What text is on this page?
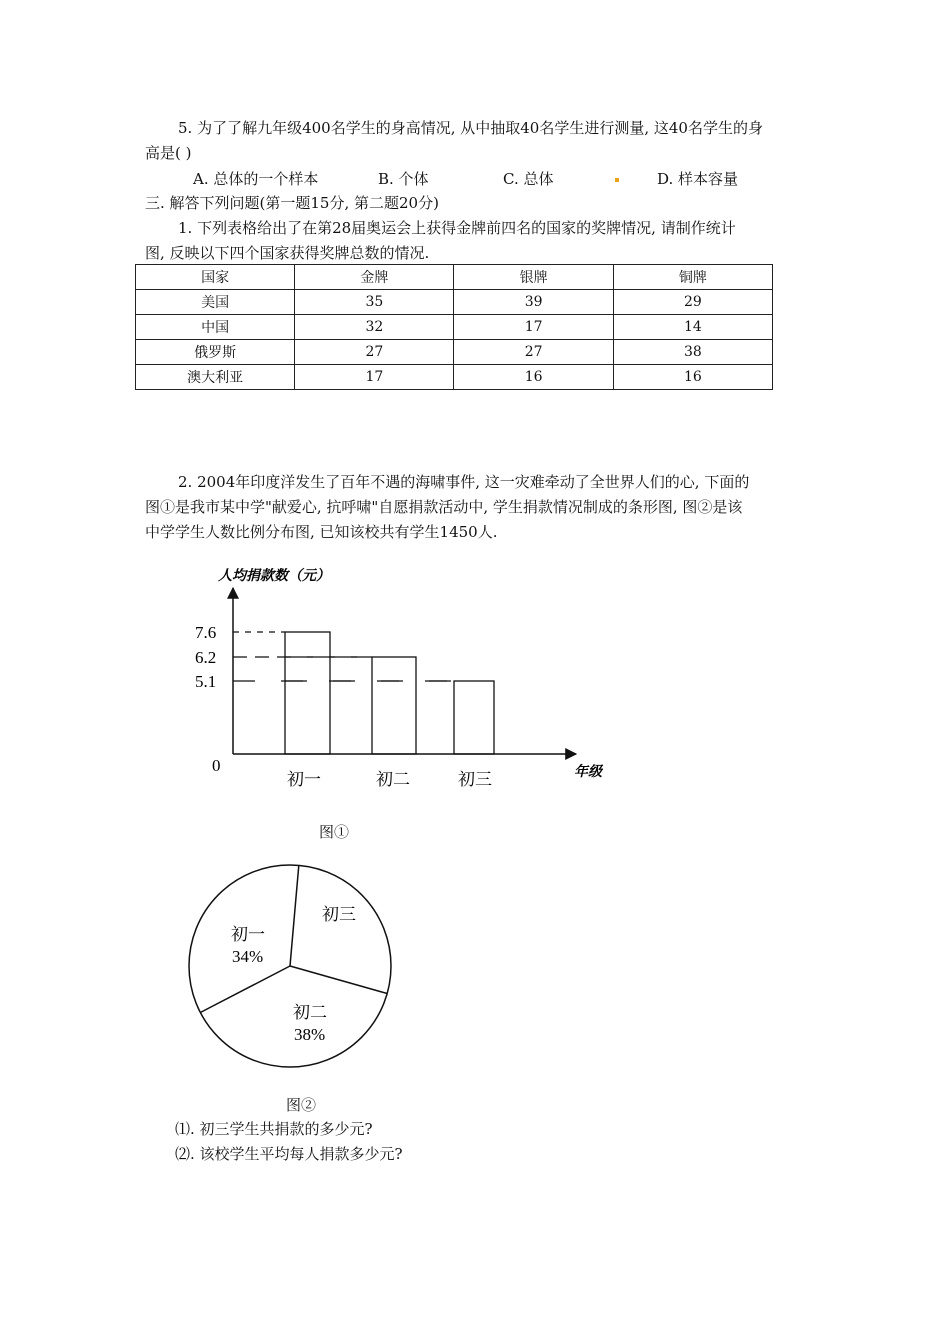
5. 为了了解九年级400名学生的身高情况, 从中抽取40名学生进行测量, 这40名学生的身
高是( )
A. 总体的一个样本	B. 个体	C. 总体	D. 样本容量
三. 解答下列问题(第一题15分, 第二题20分)
1. 下列表格给出了在第28届奥运会上获得金牌前四名的国家的奖牌情况, 请制作统计
图, 反映以下四个国家获得奖牌总数的情况.
国家	金牌	银牌	铜牌
美国	35	39	29
中国	32	17	14
俄罗斯	27	27	38
澳大利亚	17	16	16
2. 2004年印度洋发生了百年不遇的海啸事件, 这一灾难牵动了全世界人们的心, 下面的
图①是我市某中学"献爱心, 抗呼啸"自愿捐款活动中, 学生捐款情况制成的条形图, 图②是该
中学学生人数比例分布图, 已知该校共有学生1450人.
人均捐款数（元）
年级
0
初一
7.6
初二
6.2
初三
5.1
图①
初一
34%
初二
38%
初三
图②
⑴. 初三学生共捐款的多少元?
⑵. 该校学生平均每人捐款多少元?
